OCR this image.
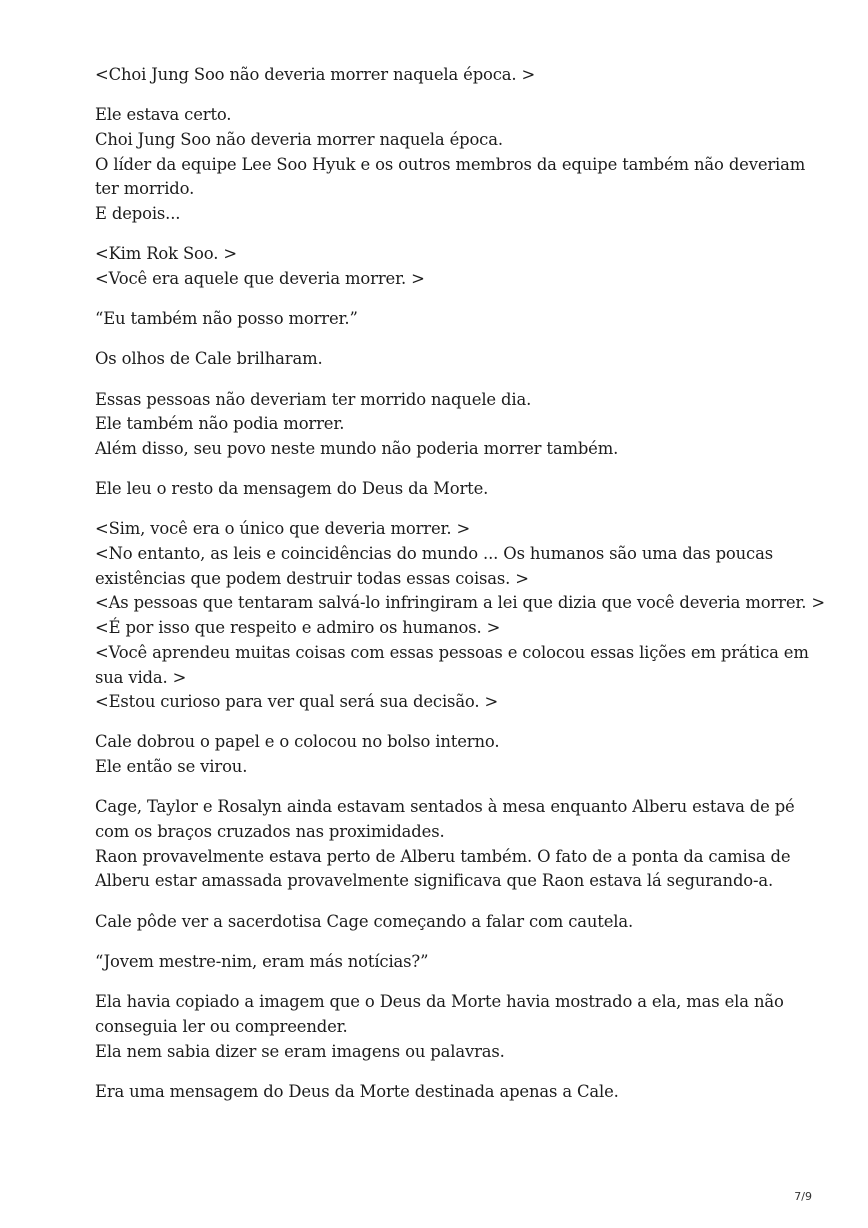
<Choi Jung Soo não deveria morrer naquela época. >

Ele estava certo.
Choi Jung Soo não deveria morrer naquela época.
O líder da equipe Lee Soo Hyuk e os outros membros da equipe também não deveriam
ter morrido.
E depois...

<Kim Rok Soo. >
<Você era aquele que deveria morrer. >

“Eu também não posso morrer.”

Os olhos de Cale brilharam.

Essas pessoas não deveriam ter morrido naquele dia.
Ele também não podia morrer.
Além disso, seu povo neste mundo não poderia morrer também.

Ele leu o resto da mensagem do Deus da Morte.

<Sim, você era o único que deveria morrer. >
<No entanto, as leis e coincidências do mundo ... Os humanos são uma das poucas
existências que podem destruir todas essas coisas. >
<As pessoas que tentaram salvá-lo infringiram a lei que dizia que você deveria morrer. >
<É por isso que respeito e admiro os humanos. >
<Você aprendeu muitas coisas com essas pessoas e colocou essas lições em prática em
sua vida. >
<Estou curioso para ver qual será sua decisão. >

Cale dobrou o papel e o colocou no bolso interno.
Ele então se virou.

Cage, Taylor e Rosalyn ainda estavam sentados à mesa enquanto Alberu estava de pé
com os braços cruzados nas proximidades.
Raon provavelmente estava perto de Alberu também. O fato de a ponta da camisa de
Alberu estar amassada provavelmente significava que Raon estava lá segurando-a.

Cale pôde ver a sacerdotisa Cage começando a falar com cautela.

“Jovem mestre-nim, eram más notícias?”

Ela havia copiado a imagem que o Deus da Morte havia mostrado a ela, mas ela não
conseguia ler ou compreender.
Ela nem sabia dizer se eram imagens ou palavras.

Era uma mensagem do Deus da Morte destinada apenas a Cale.

7/9
